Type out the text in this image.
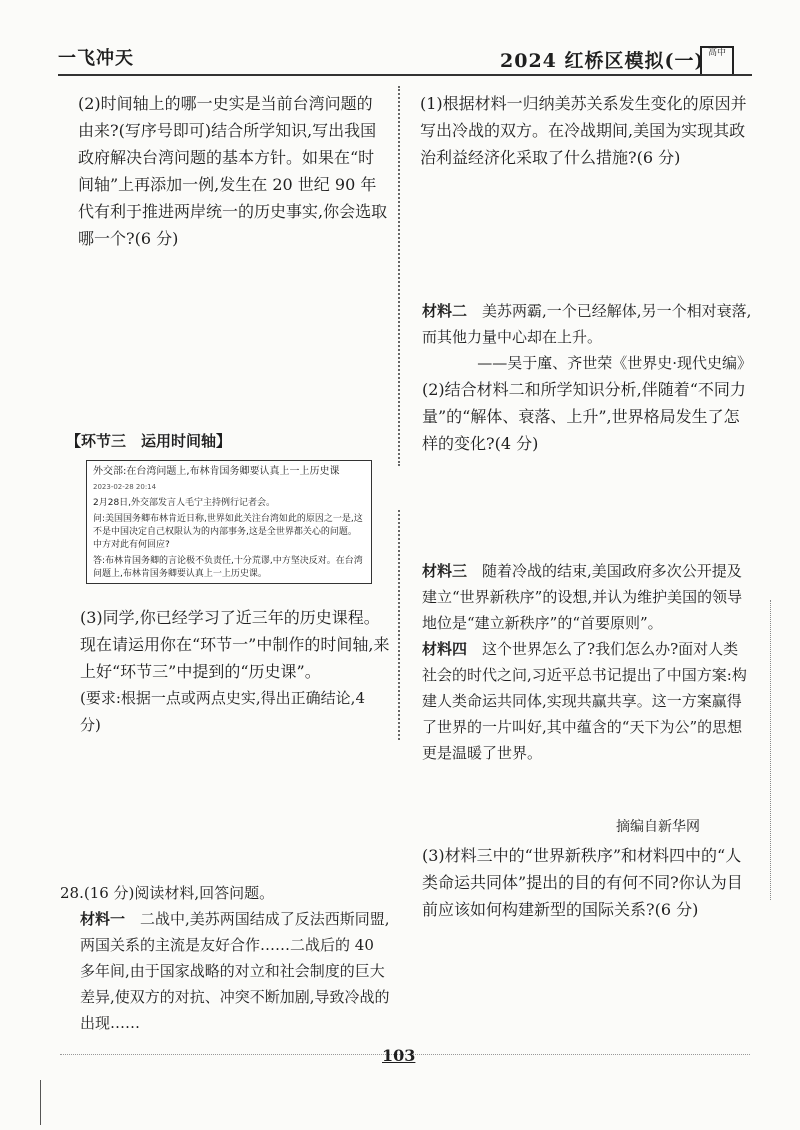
一飞冲天	2024 红桥区模拟(一) 高中

(2)时间轴上的哪一史实是当前台湾问题的由来?(写序号即可)结合所学知识,写出我国政府解决台湾问题的基本方针。如果在“时间轴”上再添加一例,发生在 20 世纪 90 年代有利于推进两岸统一的历史事实,你会选取哪一个?(6 分)

【环节三　运用时间轴】

外交部:在台湾问题上,布林肯国务卿要认真上一上历史课

2023-02-28 20:14

2月28日,外交部发言人毛宁主持例行记者会。

问:美国国务卿布林肯近日称,世界如此关注台湾如此的原因之一是,这不是中国决定自己权限认为的内部事务,这是全世界都关心的问题。中方对此有何回应?

答:布林肯国务卿的言论极不负责任,十分荒谬,中方坚决反对。在台湾问题上,布林肯国务卿要认真上一上历史课。

(3)同学,你已经学习了近三年的历史课程。现在请运用你在“环节一”中制作的时间轴,来上好“环节三”中提到的“历史课”。

(要求:根据一点或两点史实,得出正确结论,4 分)

28.(16 分)阅读材料,回答问题。

材料一　 二战中,美苏两国结成了反法西斯同盟,两国关系的主流是友好合作……二战后的 40 多年间,由于国家战略的对立和社会制度的巨大差异,使双方的对抗、冲突不断加剧,导致冷战的出现……

(1)根据材料一归纳美苏关系发生变化的原因并写出冷战的双方。在冷战期间,美国为实现其政治利益经济化采取了什么措施?(6 分)

材料二　 美苏两霸,一个已经解体,另一个相对衰落,而其他力量中心却在上升。

——吴于廑、齐世荣《世界史·现代史编》

(2)结合材料二和所学知识分析,伴随着“不同力量”的“解体、衰落、上升”,世界格局发生了怎样的变化?(4 分)

材料三　 随着冷战的结束,美国政府多次公开提及建立“世界新秩序”的设想,并认为维护美国的领导地位是“建立新秩序”的“首要原则”。

材料四　 这个世界怎么了?我们怎么办?面对人类社会的时代之问,习近平总书记提出了中国方案:构建人类命运共同体,实现共赢共享。这一方案赢得了世界的一片叫好,其中蕴含的“天下为公”的思想更是温暖了世界。

摘编自新华网

(3)材料三中的“世界新秩序”和材料四中的“人类命运共同体”提出的目的有何不同?你认为目前应该如何构建新型的国际关系?(6 分)

103
